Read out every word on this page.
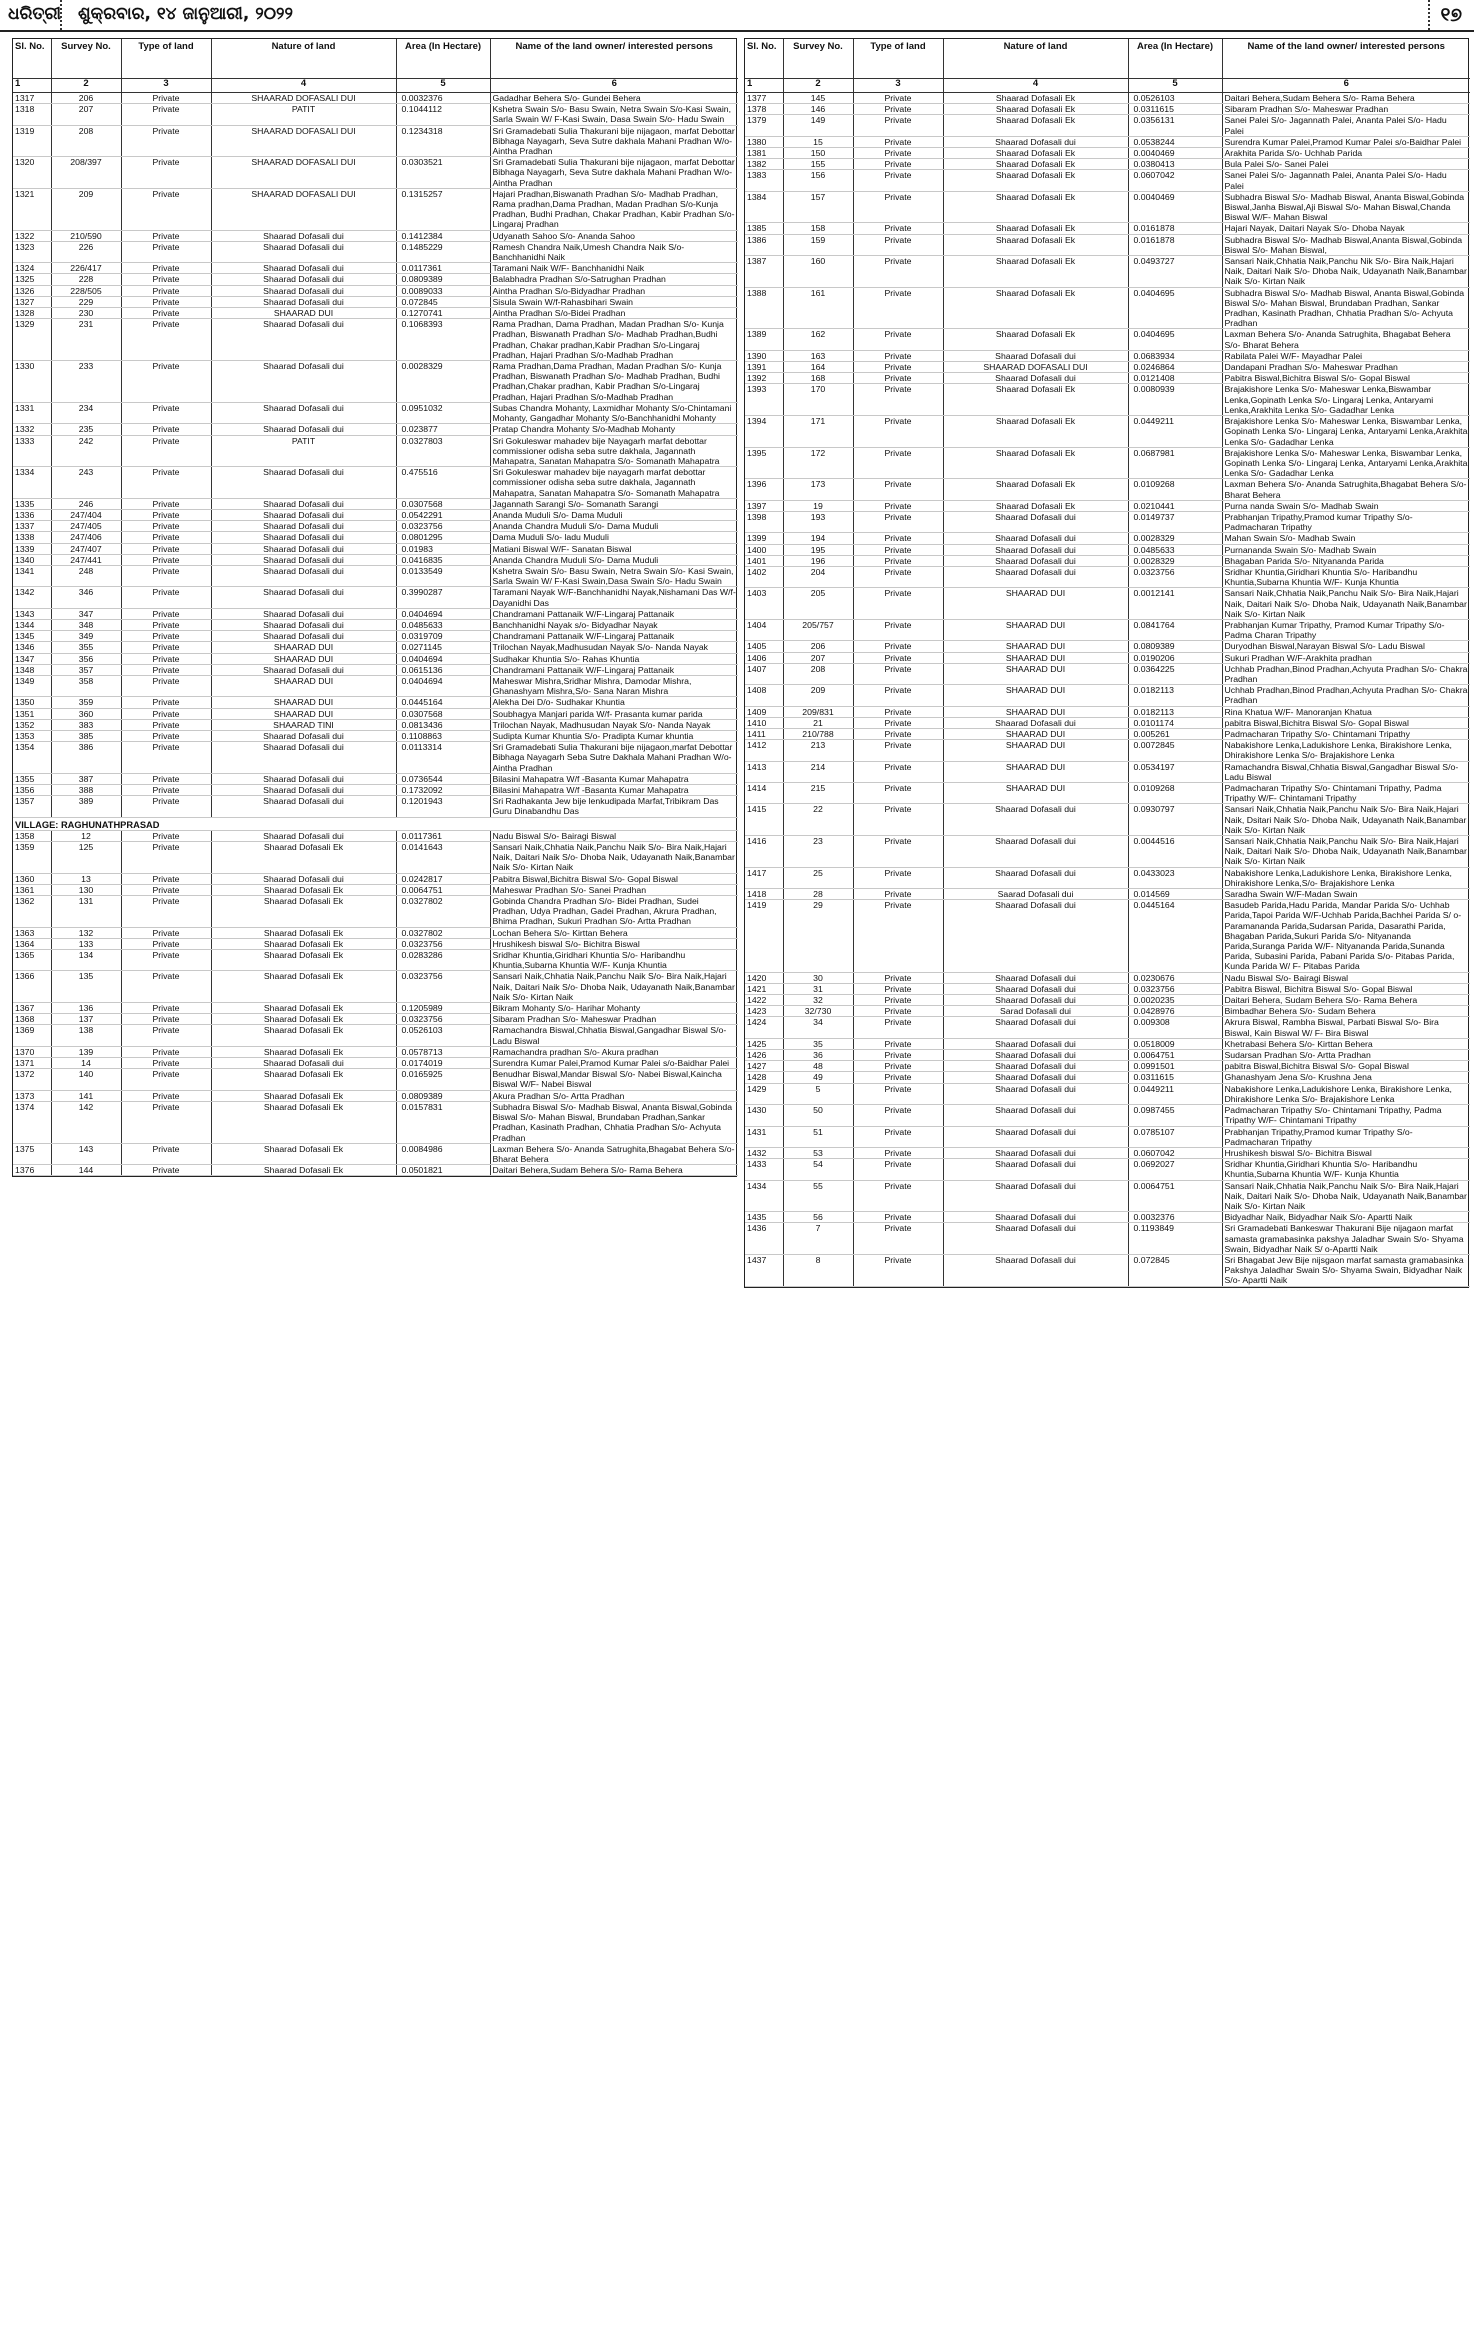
ଧରିତ୍ରୀ ଶୁକ୍ରବାର, ୧୪ ଜାନୁଆରୀ, ୨୦୨୨	୧୭
Sl. No.	Survey No.	Type of land	Nature of land	Area (In Hectare)	Name of the land owner/ interested persons
1	2	3	4	5	6
1317	206	Private	SHAARAD DOFASALI DUI	0.0032376	Gadadhar Behera S/o- Gundei Behera
1318	207	Private	PATIT	0.1044112	Kshetra Swain S/o- Basu Swain, Netra Swain S/o-Kasi Swain, Sarla Swain W/ F-Kasi Swain, Dasa Swain S/o- Hadu Swain
1319	208	Private	SHAARAD DOFASALI DUI	0.1234318	Sri Gramadebati Sulia Thakurani bije nijagaon, marfat Debottar Bibhaga Nayagarh, Seva Sutre dakhala Mahani Pradhan W/o- Aintha Pradhan
1320	208/397	Private	SHAARAD DOFASALI DUI	0.0303521	Sri Gramadebati Sulia Thakurani bije nijagaon, marfat Debottar Bibhaga Nayagarh, Seva Sutre dakhala Mahani Pradhan W/o- Aintha Pradhan
1321	209	Private	SHAARAD DOFASALI DUI	0.1315257	Hajari Pradhan,Biswanath Pradhan S/o- Madhab Pradhan, Rama pradhan,Dama Pradhan, Madan Pradhan S/o-Kunja Pradhan, Budhi Pradhan, Chakar Pradhan, Kabir Pradhan S/o-Lingaraj Pradhan
1322	210/590	Private	Shaarad Dofasali dui	0.1412384	Udyanath Sahoo S/o- Ananda Sahoo
1323	226	Private	Shaarad Dofasali dui	0.1485229	Ramesh Chandra Naik,Umesh Chandra Naik S/o- Banchhanidhi Naik
1324	226/417	Private	Shaarad Dofasali dui	0.0117361	Taramani Naik W/F- Banchhanidhi Naik
1325	228	Private	Shaarad Dofasali dui	0.0809389	Balabhadra Pradhan S/o-Satrughan Pradhan
1326	228/505	Private	Shaarad Dofasali dui	0.0089033	Aintha Pradhan S/o-Bidyadhar Pradhan
1327	229	Private	Shaarad Dofasali dui	0.072845	Sisula Swain W/f-Rahasbihari Swain
1328	230	Private	SHAARAD DUI	0.1270741	Aintha Pradhan S/o-Bidei Pradhan
1329	231	Private	Shaarad Dofasali dui	0.1068393	Rama Pradhan, Dama Pradhan, Madan Pradhan S/o- Kunja Pradhan, Biswanath Pradhan S/o- Madhab Pradhan,Budhi Pradhan, Chakar pradhan,Kabir Pradhan S/o-Lingaraj Pradhan, Hajari Pradhan S/o-Madhab Pradhan
1330	233	Private	Shaarad Dofasali dui	0.0028329	Rama Pradhan,Dama Pradhan, Madan Pradhan S/o- Kunja Pradhan, Biswanath Pradhan S/o- Madhab Pradhan, Budhi Pradhan,Chakar pradhan, Kabir Pradhan S/o-Lingaraj Pradhan, Hajari Pradhan S/o-Madhab Pradhan
1331	234	Private	Shaarad Dofasali dui	0.0951032	Subas Chandra Mohanty, Laxmidhar Mohanty S/o-Chintamani Mohanty, Gangadhar Mohanty S/o-Banchhanidhi Mohanty
1332	235	Private	Shaarad Dofasali dui	0.023877	Pratap Chandra Mohanty S/o-Madhab Mohanty
1333	242	Private	PATIT	0.0327803	Sri Gokuleswar mahadev bije Nayagarh marfat debottar commissioner odisha seba sutre dakhala, Jagannath Mahapatra, Sanatan Mahapatra S/o- Somanath Mahapatra
1334	243	Private	Shaarad Dofasali dui	0.475516	Sri Gokuleswar mahadev bije nayagarh marfat debottar commissioner odisha seba sutre dakhala, Jagannath Mahapatra, Sanatan Mahapatra S/o- Somanath Mahapatra
1335	246	Private	Shaarad Dofasali dui	0.0307568	Jagannath Sarangi S/o- Somanath Sarangi
1336	247/404	Private	Shaarad Dofasali dui	0.0542291	Ananda Muduli S/o- Dama Muduli
1337	247/405	Private	Shaarad Dofasali dui	0.0323756	Ananda Chandra Muduli S/o- Dama Muduli
1338	247/406	Private	Shaarad Dofasali dui	0.0801295	Dama Muduli S/o- ladu Muduli
1339	247/407	Private	Shaarad Dofasali dui	0.01983	Matiani Biswal W/F- Sanatan Biswal
1340	247/441	Private	Shaarad Dofasali dui	0.0416835	Ananda Chandra Muduli S/o- Dama Muduli
1341	248	Private	Shaarad Dofasali dui	0.0133549	Kshetra Swain S/o- Basu Swain, Netra Swain S/o- Kasi Swain, Sarla Swain W/ F-Kasi Swain,Dasa Swain S/o- Hadu Swain
1342	346	Private	Shaarad Dofasali dui	0.3990287	Taramani Nayak W/F-Banchhanidhi Nayak,Nishamani Das W/f-Dayanidhi Das
1343	347	Private	Shaarad Dofasali dui	0.0404694	Chandramani Pattanaik W/F-Lingaraj Pattanaik
1344	348	Private	Shaarad Dofasali dui	0.0485633	Banchhanidhi Nayak s/o- Bidyadhar Nayak
1345	349	Private	Shaarad Dofasali dui	0.0319709	Chandramani Pattanaik W/F-Lingaraj Pattanaik
1346	355	Private	SHAARAD DUI	0.0271145	Trilochan Nayak,Madhusudan Nayak S/o- Nanda Nayak
1347	356	Private	SHAARAD DUI	0.0404694	Sudhakar Khuntia S/o- Rahas Khuntia
1348	357	Private	Shaarad Dofasali dui	0.0615136	Chandramani Pattanaik W/F-Lingaraj Pattanaik
1349	358	Private	SHAARAD DUI	0.0404694	Maheswar Mishra,Sridhar Mishra, Damodar Mishra, Ghanashyam Mishra,S/o- Sana Naran Mishra
1350	359	Private	SHAARAD DUI	0.0445164	Alekha Dei D/o- Sudhakar Khuntia
1351	360	Private	SHAARAD DUI	0.0307568	Soubhagya Manjari parida W/f- Prasanta kumar parida
1352	383	Private	SHAARAD TINI	0.0813436	Trilochan Nayak, Madhusudan Nayak S/o- Nanda Nayak
1353	385	Private	Shaarad Dofasali dui	0.1108863	Sudipta Kumar Khuntia S/o- Pradipta Kumar khuntia
1354	386	Private	Shaarad Dofasali dui	0.0113314	Sri Gramadebati Sulia Thakurani bije nijagaon,marfat Debottar Bibhaga Nayagarh Seba Sutre Dakhala Mahani Pradhan W/o- Aintha Pradhan
1355	387	Private	Shaarad Dofasali dui	0.0736544	Bilasini Mahapatra W/f -Basanta Kumar Mahapatra
1356	388	Private	Shaarad Dofasali dui	0.1732092	Bilasini Mahapatra W/f -Basanta Kumar Mahapatra
1357	389	Private	Shaarad Dofasali dui	0.1201943	Sri Radhakanta Jew bije lenkudipada Marfat,Tribikram Das Guru Dinabandhu Das
VILLAGE: RAGHUNATHPRASAD					
1358	12	Private	Shaarad Dofasali dui	0.0117361	Nadu Biswal S/o- Bairagi Biswal
1359	125	Private	Shaarad Dofasali Ek	0.0141643	Sansari Naik,Chhatia Naik,Panchu Naik S/o- Bira Naik,Hajari Naik, Daitari Naik S/o- Dhoba Naik, Udayanath Naik,Banambar Naik S/o- Kirtan Naik
1360	13	Private	Shaarad Dofasali dui	0.0242817	Pabitra Biswal,Bichitra Biswal S/o- Gopal Biswal
1361	130	Private	Shaarad Dofasali Ek	0.0064751	Maheswar Pradhan S/o- Sanei Pradhan
1362	131	Private	Shaarad Dofasali Ek	0.0327802	Gobinda Chandra Pradhan S/o- Bidei Pradhan, Sudei Pradhan, Udya Pradhan, Gadei Pradhan, Akrura Pradhan, Bhima Pradhan, Sukuri Pradhan S/o- Artta Pradhan
1363	132	Private	Shaarad Dofasali Ek	0.0327802	Lochan Behera S/o- Kirttan Behera
1364	133	Private	Shaarad Dofasali Ek	0.0323756	Hrushikesh biswal S/o- Bichitra Biswal
1365	134	Private	Shaarad Dofasali Ek	0.0283286	Sridhar Khuntia,Giridhari Khuntia S/o- Haribandhu Khuntia,Subarna Khuntia W/F- Kunja Khuntia
1366	135	Private	Shaarad Dofasali Ek	0.0323756	Sansari Naik,Chhatia Naik,Panchu Naik S/o- Bira Naik,Hajari Naik, Daitari Naik S/o- Dhoba Naik, Udayanath Naik,Banambar Naik S/o- Kirtan Naik
1367	136	Private	Shaarad Dofasali Ek	0.1205989	Bikram Mohanty S/o- Harihar Mohanty
1368	137	Private	Shaarad Dofasali Ek	0.0323756	Sibaram Pradhan S/o- Maheswar Pradhan
1369	138	Private	Shaarad Dofasali Ek	0.0526103	Ramachandra Biswal,Chhatia Biswal,Gangadhar Biswal S/o- Ladu Biswal
1370	139	Private	Shaarad Dofasali Ek	0.0578713	Ramachandra pradhan S/o- Akura pradhan
1371	14	Private	Shaarad Dofasali dui	0.0174019	Surendra Kumar Palei,Pramod Kumar Palei s/o-Baidhar Palei
1372	140	Private	Shaarad Dofasali Ek	0.0165925	Benudhar Biswal,Mandar Biswal S/o- Nabei Biswal,Kaincha Biswal W/F- Nabei Biswal
1373	141	Private	Shaarad Dofasali Ek	0.0809389	Akura Pradhan S/o- Artta Pradhan
1374	142	Private	Shaarad Dofasali Ek	0.0157831	Subhadra Biswal S/o- Madhab Biswal, Ananta Biswal,Gobinda Biswal S/o- Mahan Biswal, Brundaban Pradhan,Sankar Pradhan, Kasinath Pradhan, Chhatia Pradhan S/o- Achyuta Pradhan
1375	143	Private	Shaarad Dofasali Ek	0.0084986	Laxman Behera S/o- Ananda Satrughita,Bhagabat Behera S/o- Bharat Behera
1376	144	Private	Shaarad Dofasali Ek	0.0501821	Daitari Behera,Sudam Behera S/o- Rama Behera
Sl. No.	Survey No.	Type of land	Nature of land	Area (In Hectare)	Name of the land owner/ interested persons
1	2	3	4	5	6
1377	145	Private	Shaarad Dofasali Ek	0.0526103	Daitari Behera,Sudam Behera S/o- Rama Behera
1378	146	Private	Shaarad Dofasali Ek	0.0311615	Sibaram Pradhan S/o- Maheswar Pradhan
1379	149	Private	Shaarad Dofasali Ek	0.0356131	Sanei Palei S/o- Jagannath Palei, Ananta Palei S/o- Hadu Palei
1380	15	Private	Shaarad Dofasali dui	0.0538244	Surendra Kumar Palei,Pramod Kumar Palei s/o-Baidhar Palei
1381	150	Private	Shaarad Dofasali Ek	0.0040469	Arakhita Parida S/o- Uchhab Parida
1382	155	Private	Shaarad Dofasali Ek	0.0380413	Bula Palei S/o- Sanei Palei
1383	156	Private	Shaarad Dofasali Ek	0.0607042	Sanei Palei S/o- Jagannath Palei, Ananta Palei S/o- Hadu Palei
1384	157	Private	Shaarad Dofasali Ek	0.0040469	Subhadra Biswal S/o- Madhab Biswal, Ananta Biswal,Gobinda Biswal,Janha Biswal,Aji Biswal S/o- Mahan Biswal,Chanda Biswal W/F- Mahan Biswal
1385	158	Private	Shaarad Dofasali Ek	0.0161878	Hajari Nayak, Daitari Nayak S/o- Dhoba Nayak
1386	159	Private	Shaarad Dofasali Ek	0.0161878	Subhadra Biswal S/o- Madhab Biswal,Ananta Biswal,Gobinda Biswal S/o- Mahan Biswal,
1387	160	Private	Shaarad Dofasali Ek	0.0493727	Sansari Naik,Chhatia Naik,Panchu Nik S/o- Bira Naik,Hajari Naik, Daitari Naik S/o- Dhoba Naik, Udayanath Naik,Banambar Naik S/o- Kirtan Naik
1388	161	Private	Shaarad Dofasali Ek	0.0404695	Subhadra Biswal S/o- Madhab Biswal, Ananta Biswal,Gobinda Biswal S/o- Mahan Biswal, Brundaban Pradhan, Sankar Pradhan, Kasinath Pradhan, Chhatia Pradhan S/o- Achyuta Pradhan
1389	162	Private	Shaarad Dofasali Ek	0.0404695	Laxman Behera S/o- Ananda Satrughita, Bhagabat Behera S/o- Bharat Behera
1390	163	Private	Shaarad Dofasali dui	0.0683934	Rabilata Palei W/F- Mayadhar Palei
1391	164	Private	SHAARAD DOFASALI DUI	0.0246864	Dandapani Pradhan S/o- Maheswar Pradhan
1392	168	Private	Shaarad Dofasali dui	0.0121408	Pabitra Biswal,Bichitra Biswal S/o- Gopal Biswal
1393	170	Private	Shaarad Dofasali Ek	0.0080939	Brajakishore Lenka S/o- Maheswar Lenka,Biswambar Lenka,Gopinath Lenka S/o- Lingaraj Lenka, Antaryami Lenka,Arakhita Lenka S/o- Gadadhar Lenka
1394	171	Private	Shaarad Dofasali Ek	0.0449211	Brajakishore Lenka S/o- Maheswar Lenka, Biswambar Lenka, Gopinath Lenka S/o- Lingaraj Lenka, Antaryami Lenka,Arakhita Lenka S/o- Gadadhar Lenka
1395	172	Private	Shaarad Dofasali Ek	0.0687981	Brajakishore Lenka S/o- Maheswar Lenka, Biswambar Lenka, Gopinath Lenka S/o- Lingaraj Lenka, Antaryami Lenka,Arakhita Lenka S/o- Gadadhar Lenka
1396	173	Private	Shaarad Dofasali Ek	0.0109268	Laxman Behera S/o- Ananda Satrughita,Bhagabat Behera S/o- Bharat Behera
1397	19	Private	Shaarad Dofasali Ek	0.0210441	Purna nanda Swain S/o- Madhab Swain
1398	193	Private	Shaarad Dofasali dui	0.0149737	Prabhanjan Tripathy,Pramod kumar Tripathy S/o- Padmacharan Tripathy
1399	194	Private	Shaarad Dofasali dui	0.0028329	Mahan Swain S/o- Madhab Swain
1400	195	Private	Shaarad Dofasali dui	0.0485633	Purnananda Swain S/o- Madhab Swain
1401	196	Private	Shaarad Dofasali dui	0.0028329	Bhagaban Parida S/o- Nityananda Parida
1402	204	Private	Shaarad Dofasali dui	0.0323756	Sridhar Khuntia,Giridhari Khuntia S/o- Haribandhu Khuntia,Subarna Khuntia W/F- Kunja Khuntia
1403	205	Private	SHAARAD DUI	0.0012141	Sansari Naik,Chhatia Naik,Panchu Naik S/o- Bira Naik,Hajari Naik, Daitari Naik S/o- Dhoba Naik, Udayanath Naik,Banambar Naik S/o- Kirtan Naik
1404	205/757	Private	SHAARAD DUI	0.0841764	Prabhanjan Kumar Tripathy, Pramod Kumar Tripathy S/o- Padma Charan Tripathy
1405	206	Private	SHAARAD DUI	0.0809389	Duryodhan Biswal,Narayan Biswal S/o- Ladu Biswal
1406	207	Private	SHAARAD DUI	0.0190206	Sukuri Pradhan W/F-Arakhita pradhan
1407	208	Private	SHAARAD DUI	0.0364225	Uchhab Pradhan,Binod Pradhan,Achyuta Pradhan S/o- Chakra Pradhan
1408	209	Private	SHAARAD DUI	0.0182113	Uchhab Pradhan,Binod Pradhan,Achyuta Pradhan S/o- Chakra Pradhan
1409	209/831	Private	SHAARAD DUI	0.0182113	Rina Khatua W/F- Manoranjan Khatua
1410	21	Private	Shaarad Dofasali dui	0.0101174	pabitra Biswal,Bichitra Biswal S/o- Gopal Biswal
1411	210/788	Private	SHAARAD DUI	0.005261	Padmacharan Tripathy S/o- Chintamani Tripathy
1412	213	Private	SHAARAD DUI	0.0072845	Nabakishore Lenka,Ladukishore Lenka, Birakishore Lenka, Dhirakishore Lenka S/o- Brajakishore Lenka
1413	214	Private	SHAARAD DUI	0.0534197	Ramachandra Biswal,Chhatia Biswal,Gangadhar Biswal S/o- Ladu Biswal
1414	215	Private	SHAARAD DUI	0.0109268	Padmacharan Tripathy S/o- Chintamani Tripathy, Padma Tripathy W/F- Chintamani Tripathy
1415	22	Private	Shaarad Dofasali dui	0.0930797	Sansari Naik,Chhatia Naik,Panchu Naik S/o- Bira Naik,Hajari Naik, Dsitari Naik S/o- Dhoba Naik, Udayanath Naik,Banambar Naik S/o- Kirtan Naik
1416	23	Private	Shaarad Dofasali dui	0.0044516	Sansari Naik,Chhatia Naik,Panchu Naik S/o- Bira Naik,Hajari Naik, Daitari Naik S/o- Dhoba Naik, Udayanath Naik,Banambar Naik S/o- Kirtan Naik
1417	25	Private	Shaarad Dofasali dui	0.0433023	Nabakishore Lenka,Ladukishore Lenka, Birakishore Lenka, Dhirakishore Lenka,S/o- Brajakishore Lenka
1418	28	Private	Saarad Dofasali dui	0.014569	Saradha Swain W/F-Madan Swain
1419	29	Private	Shaarad Dofasali dui	0.0445164	Basudeb Parida,Hadu Parida, Mandar Parida S/o- Uchhab Parida,Tapoi Parida W/F-Uchhab Parida,Bachhei Parida S/ o- Paramananda Parida,Sudarsan Parida, Dasarathi Parida, Bhagaban Parida,Sukuri Parida S/o- Nityananda Parida,Suranga Parida W/F- Nityananda Parida,Sunanda Parida, Subasini Parida, Pabani Parida S/o- Pitabas Parida, Kunda Parida W/ F- Pitabas Parida
1420	30	Private	Shaarad Dofasali dui	0.0230676	Nadu Biswal S/o- Bairagi Biswal
1421	31	Private	Shaarad Dofasali dui	0.0323756	Pabitra Biswal, Bichitra Biswal S/o- Gopal Biswal
1422	32	Private	Shaarad Dofasali dui	0.0020235	Daitari Behera, Sudam Behera S/o- Rama Behera
1423	32/730	Private	Sarad Dofasali dui	0.0428976	Bimbadhar Behera S/o- Sudam Behera
1424	34	Private	Shaarad Dofasali dui	0.009308	Akrura Biswal, Rambha Biswal, Parbati Biswal S/o- Bira Biswal, Kain Biswal W/ F- Bira Biswal
1425	35	Private	Shaarad Dofasali dui	0.0518009	Khetrabasi Behera S/o- Kirttan Behera
1426	36	Private	Shaarad Dofasali dui	0.0064751	Sudarsan Pradhan S/o- Artta Pradhan
1427	48	Private	Shaarad Dofasali dui	0.0991501	pabitra Biswal,Bichitra Biswal S/o- Gopal Biswal
1428	49	Private	Shaarad Dofasali dui	0.0311615	Ghanashyam Jena S/o- Krushna Jena
1429	5	Private	Shaarad Dofasali dui	0.0449211	Nabakishore Lenka,Ladukishore Lenka, Birakishore Lenka, Dhirakishore Lenka S/o- Brajakishore Lenka
1430	50	Private	Shaarad Dofasali dui	0.0987455	Padmacharan Tripathy S/o- Chintamani Tripathy, Padma Tripathy W/F- Chintamani Tripathy
1431	51	Private	Shaarad Dofasali dui	0.0785107	Prabhanjan Tripathy,Pramod kumar Tripathy S/o- Padmacharan Tripathy
1432	53	Private	Shaarad Dofasali dui	0.0607042	Hrushikesh biswal S/o- Bichitra Biswal
1433	54	Private	Shaarad Dofasali dui	0.0692027	Sridhar Khuntia,Giridhari Khuntia S/o- Haribandhu Khuntia,Subarna Khuntia W/F- Kunja Khuntia
1434	55	Private	Shaarad Dofasali dui	0.0064751	Sansari Naik,Chhatia Naik,Panchu Naik S/o- Bira Naik,Hajari Naik, Daitari Naik S/o- Dhoba Naik, Udayanath Naik,Banambar Naik S/o- Kirtan Naik
1435	56	Private	Shaarad Dofasali dui	0.0032376	Bidyadhar Naik, Bidyadhar Naik S/o- Apartti Naik
1436	7	Private	Shaarad Dofasali dui	0.1193849	Sri Gramadebati Bankeswar Thakurani Bije nijagaon marfat samasta gramabasinka pakshya Jaladhar Swain S/o- Shyama Swain, Bidyadhar Naik S/ o-Apartti Naik
1437	8	Private	Shaarad Dofasali dui	0.072845	Sri Bhagabat Jew Bije nijsgaon marfat samasta gramabasinka Pakshya Jaladhar Swain S/o- Shyama Swain, Bidyadhar Naik S/o- Apartti Naik
